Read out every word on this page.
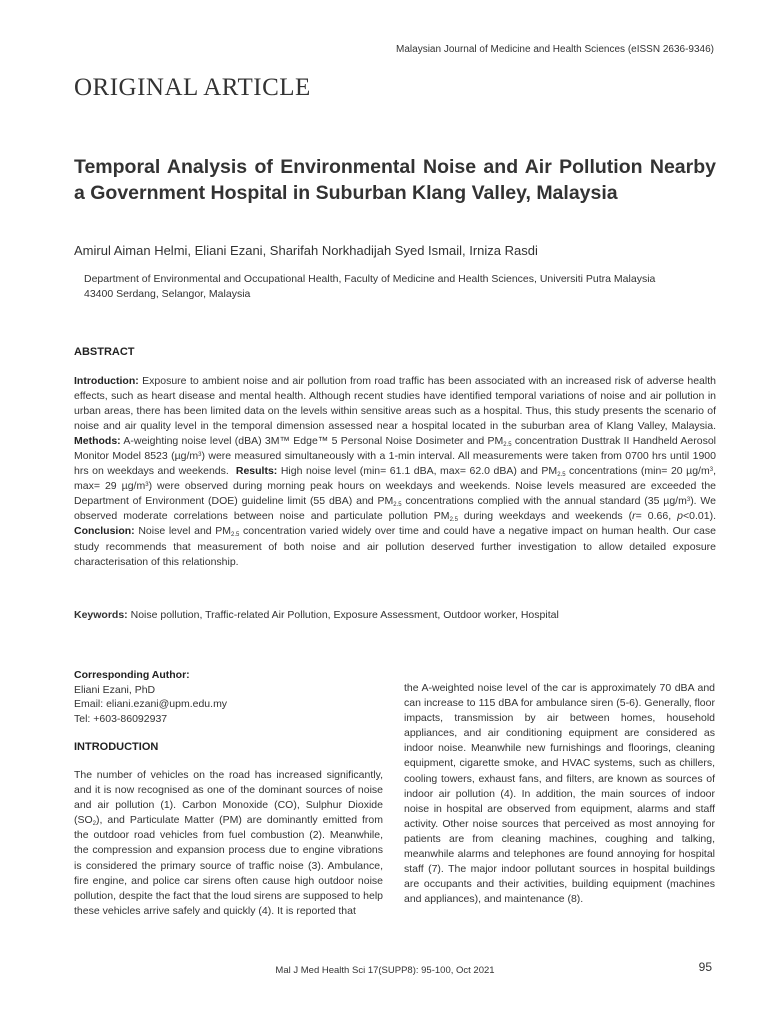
Malaysian Journal of Medicine and Health Sciences (eISSN 2636-9346)
ORIGINAL ARTICLE
Temporal Analysis of Environmental Noise and Air Pollution Nearby a Government Hospital in Suburban Klang Valley, Malaysia
Amirul Aiman Helmi, Eliani Ezani, Sharifah Norkhadijah Syed Ismail, Irniza Rasdi
Department of Environmental and Occupational Health, Faculty of Medicine and Health Sciences, Universiti Putra Malaysia
43400 Serdang, Selangor, Malaysia
ABSTRACT
Introduction: Exposure to ambient noise and air pollution from road traffic has been associated with an increased risk of adverse health effects, such as heart disease and mental health. Although recent studies have identified temporal variations of noise and air pollution in urban areas, there has been limited data on the levels within sensitive areas such as a hospital. Thus, this study presents the scenario of noise and air quality level in the temporal dimension assessed near a hospital located in the suburban area of Klang Valley, Malaysia. Methods: A-weighting noise level (dBA) 3M™ Edge™ 5 Personal Noise Dosimeter and $PM_{2.5}$ concentration Dusttrak II Handheld Aerosol Monitor Model 8523 $(\mu g/m^3)$ were measured simultaneously with a 1-min interval. All measurements were taken from 0700 hrs until 1900 hrs on weekdays and weekends. Results: High noise level (min= 61.1 dBA, max= 62.0 dBA) and $PM_{2.5}$ concentrations (min= 20 $\mu g/m^3$, max= 29 $\mu g/m^3$) were observed during morning peak hours on weekdays and weekends. Noise levels measured are exceeded the Department of Environment (DOE) guideline limit (55 dBA) and $PM_{2.5}$ concentrations complied with the annual standard (35 $\mu g/m^3$). We observed moderate correlations between noise and particulate pollution $PM_{2.5}$ during weekdays and weekends (r= 0.66, p<0.01). Conclusion: Noise level and $PM_{2.5}$ concentration varied widely over time and could have a negative impact on human health. Our case study recommends that measurement of both noise and air pollution deserved further investigation to allow detailed exposure characterisation of this relationship.
Keywords: Noise pollution, Traffic-related Air Pollution, Exposure Assessment, Outdoor worker, Hospital
Corresponding Author:
Eliani Ezani, PhD
Email: eliani.ezani@upm.edu.my
Tel: +603-86092937
INTRODUCTION
The number of vehicles on the road has increased significantly, and it is now recognised as one of the dominant sources of noise and air pollution (1). Carbon Monoxide (CO), Sulphur Dioxide $(SO_2)$, and Particulate Matter (PM) are dominantly emitted from the outdoor road vehicles from fuel combustion (2). Meanwhile, the compression and expansion process due to engine vibrations is considered the primary source of traffic noise (3). Ambulance, fire engine, and police car sirens often cause high outdoor noise pollution, despite the fact that the loud sirens are supposed to help these vehicles arrive safely and quickly (4). It is reported that
the A-weighted noise level of the car is approximately 70 dBA and can increase to 115 dBA for ambulance siren (5-6). Generally, floor impacts, transmission by air between homes, household appliances, and air conditioning equipment are considered as indoor noise. Meanwhile new furnishings and floorings, cleaning equipment, cigarette smoke, and HVAC systems, such as chillers, cooling towers, exhaust fans, and filters, are known as sources of indoor air pollution (4). In addition, the main sources of indoor noise in hospital are observed from equipment, alarms and staff activity. Other noise sources that perceived as most annoying for patients are from cleaning machines, coughing and talking, meanwhile alarms and telephones are found annoying for hospital staff (7). The major indoor pollutant sources in hospital buildings are occupants and their activities, building equipment (machines and appliances), and maintenance (8).
Mal J Med Health Sci 17(SUPP8): 95-100, Oct 2021	95
